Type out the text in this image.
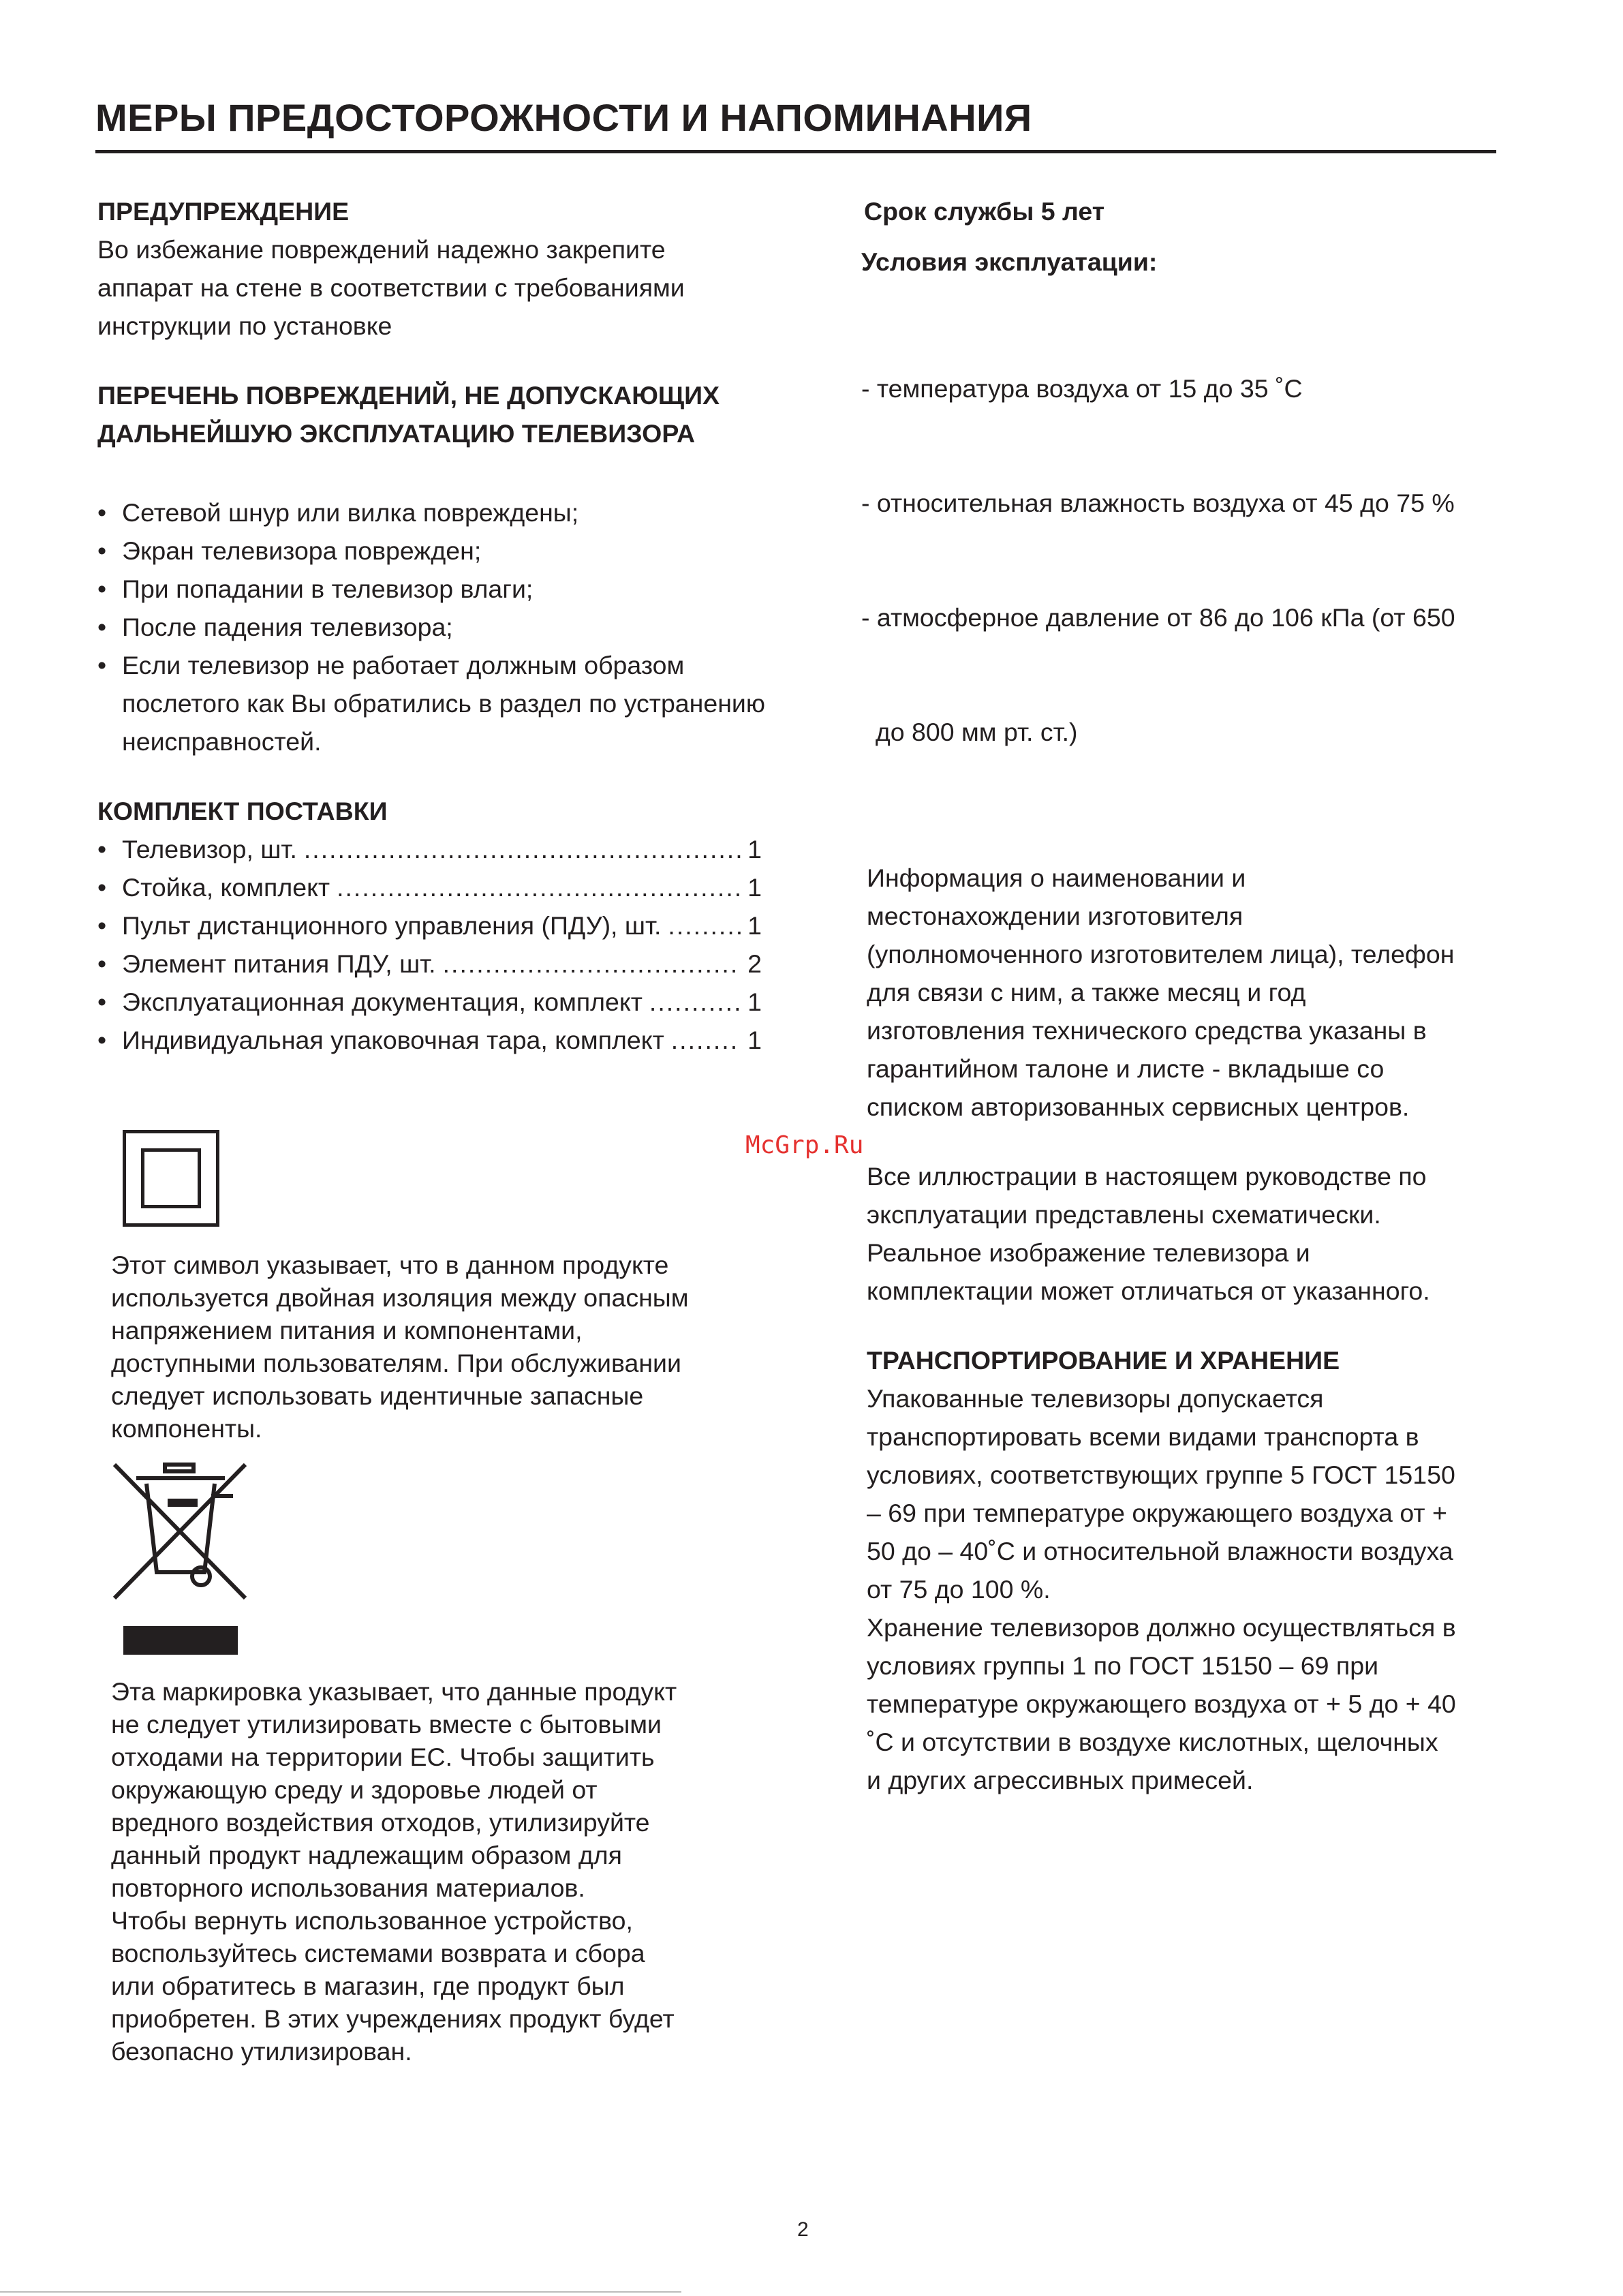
МЕРЫ ПРЕДОСТОРОЖНОСТИ И НАПОМИНАНИЯ
ПРЕДУПРЕЖДЕНИЕ

Во избежание повреждений надежно закрепите

аппарат на стене в соответствии с требованиями

инструкции по установке

ПЕРЕЧЕНЬ ПОВРЕЖДЕНИЙ, НЕ ДОПУСКАЮЩИХ
ДАЛЬНЕЙШУЮ ЭКСПЛУАТАЦИЮ ТЕЛЕВИЗОРА
• Сетевой шнур или вилка повреждены;
• Экран телевизора поврежден;
• При попадании в телевизор влаги;
• После падения телевизора;
• Если телевизор не работает должным образом послетого как Вы обратились в раздел по устранению неисправностей.
КОМПЛЕКТ ПОСТАВКИ
• Телевизор, шт. .....	1
• Стойка, комплект .....	1
• Пульт дистанционного управления (ПДУ), шт. .....	1
• Элемент питания ПДУ, шт. .....	2
• Эксплуатационная документация, комплект .....	1
• Индивидуальная упаковочная тара, комплект .....	1

Этот символ указывает, что в данном продукте

используется двойная изоляция между опасным

напряжением питания и компонентами,

доступными пользователям. При обслуживании

следует использовать идентичные запасные

компоненты.

Эта маркировка указывает, что данные продукт

не следует утилизировать вместе с бытовыми

отходами на территории ЕС. Чтобы защитить

окружающую среду и здоровье людей от

вредного воздействия отходов, утилизируйте

данный продукт надлежащим образом для

повторного использования материалов.

Чтобы вернуть использованное устройство,

воспользуйтесь системами возврата и сбора

или обратитесь в магазин, где продукт был

приобретен. В этих учреждениях продукт будет

безопасно утилизирован.

Срок службы 5 лет
Условия эксплуатации:

- температура воздуха от 15 до 35 ˚С

- относительная влажность воздуха от 45 до 75 %

- атмосферное давление от 86 до 106 кПа (от 650

до 800 мм рт. ст.)

Информация о наименовании и

местонахождении изготовителя

(уполномоченного изготовителем лица), телефон

для связи с ним, а также месяц и год

изготовления технического средства указаны в

гарантийном талоне и листе - вкладыше со

списком авторизованных сервисных центров.

Все иллюстрации в настоящем руководстве по

эксплуатации представлены схематически.

Реальное изображение телевизора и

комплектации может отличаться от указанного.

ТРАНСПОРТИРОВАНИЕ И ХРАНЕНИЕ

Упакованные телевизоры допускается

транспортировать всеми видами транспорта в

условиях, соответствующих группе 5 ГОСТ 15150

– 69 при температуре окружающего воздуха от +

50 до – 40˚С и относительной влажности воздуха

от 75 до 100 %.

Хранение телевизоров должно осуществляться в

условиях группы 1 по ГОСТ 15150 – 69 при

температуре окружающего воздуха от + 5 до + 40

˚С и отсутствии в воздухе кислотных, щелочных

и других агрессивных примесей.

McGrp.Ru
2
